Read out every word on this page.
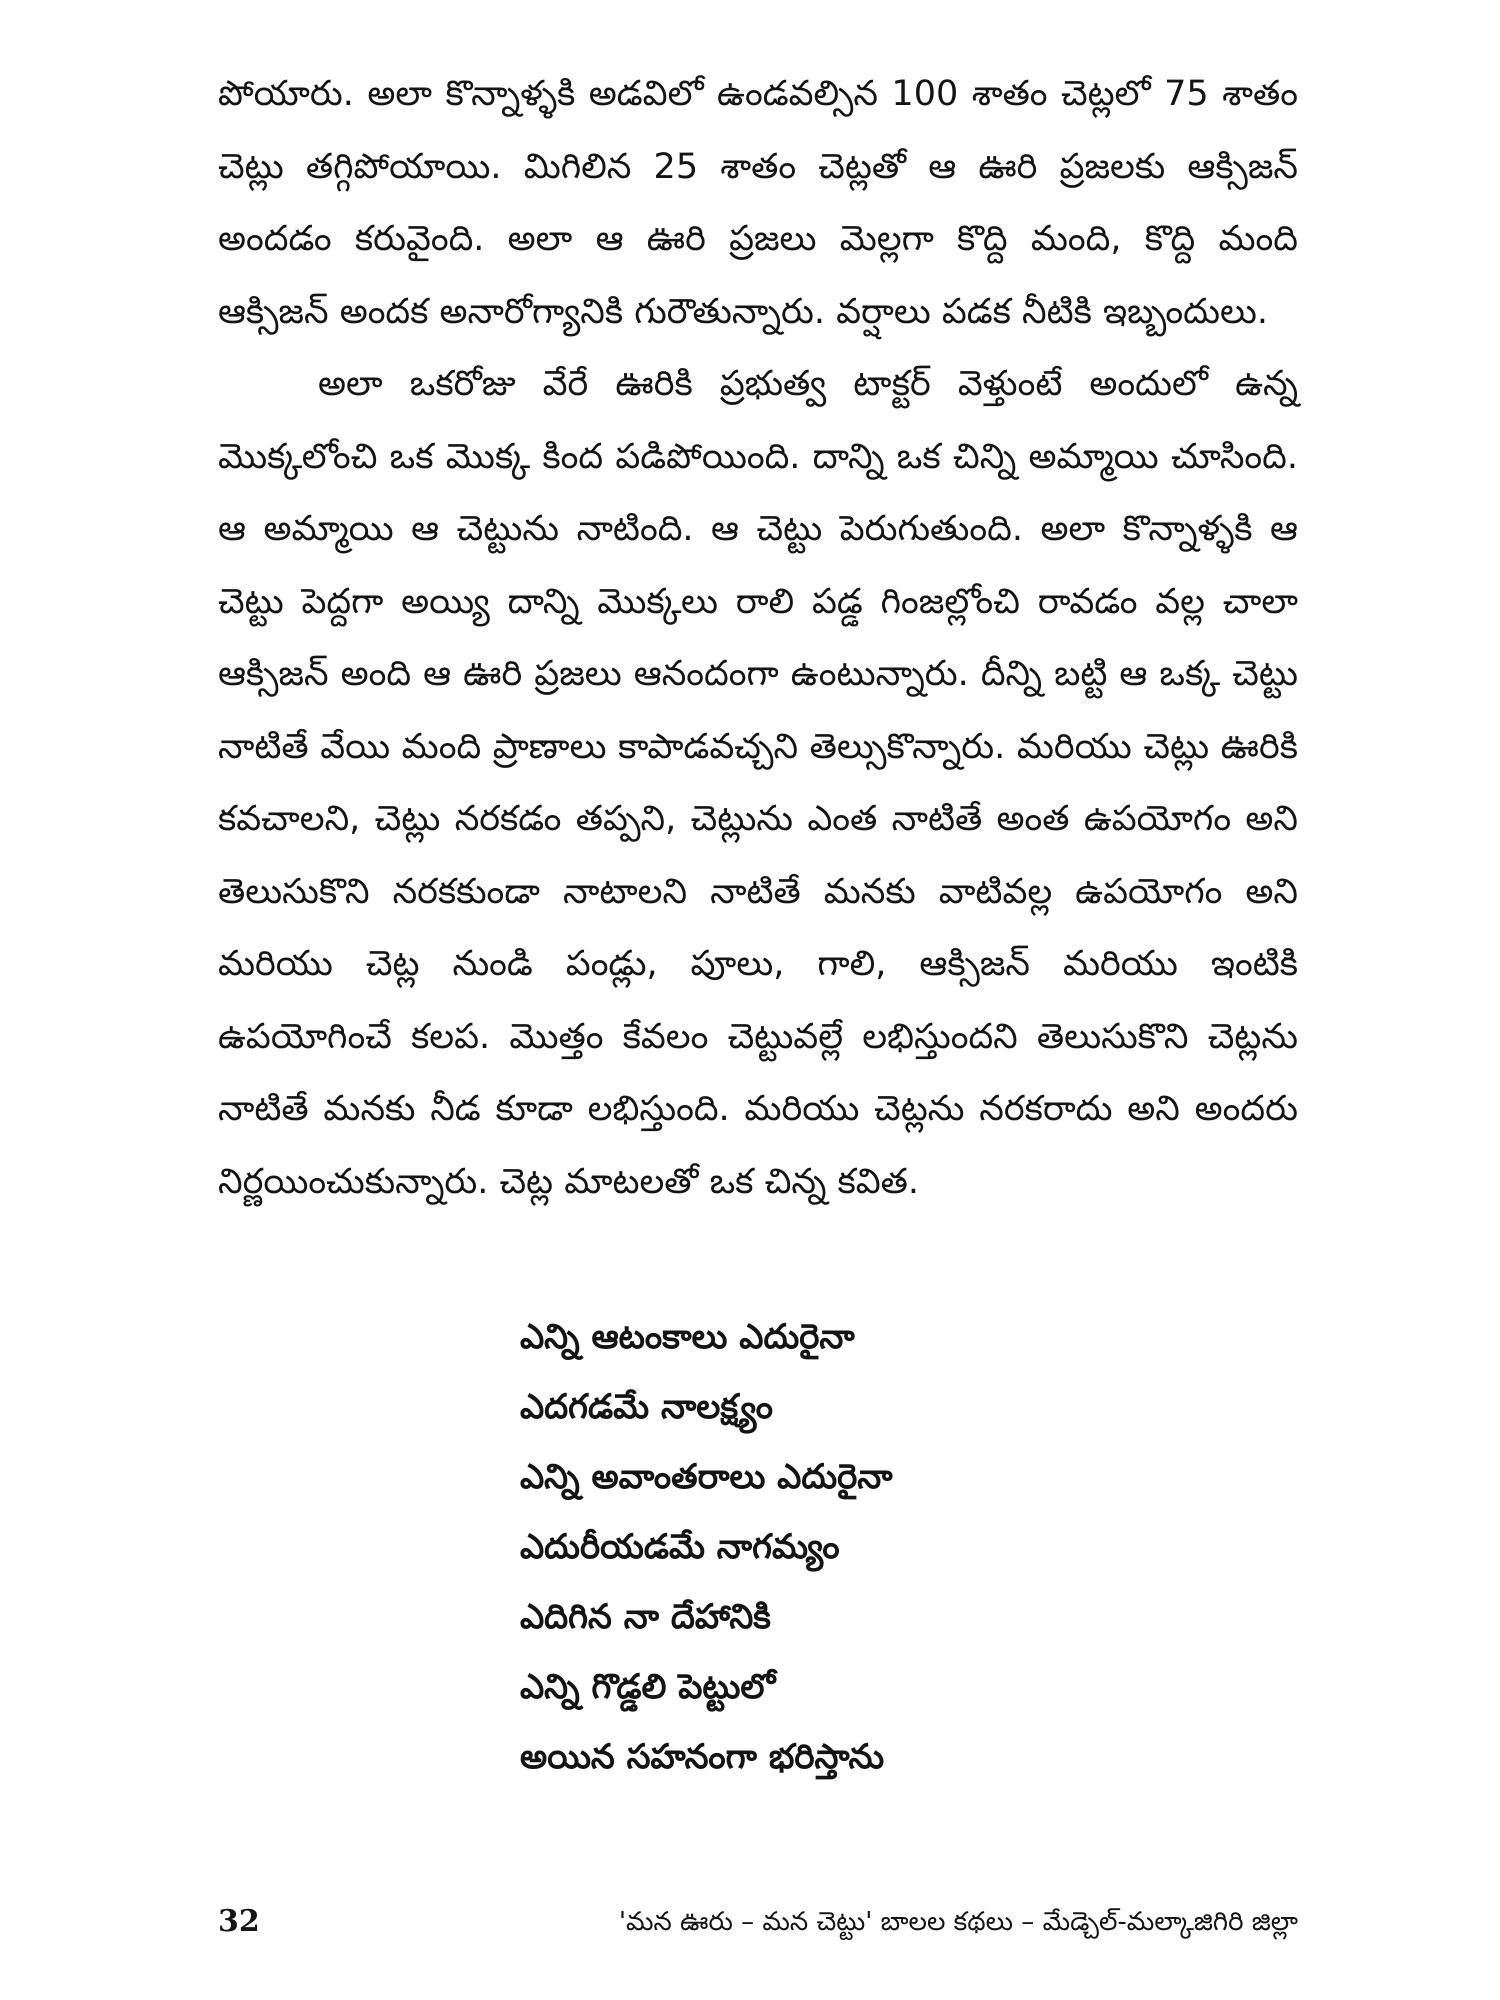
పోయారు. అలా కొన్నాళ్ళకి అడవిలో ఉండవల్సిన 100 శాతం చెట్లలో 75 శాతం చెట్లు తగ్గిపోయాయి. మిగిలిన 25 శాతం చెట్లతో ఆ ఊరి ప్రజలకు ఆక్సిజన్ అందడం కరువైంది. అలా ఆ ఊరి ప్రజలు మెల్లగా కొద్ది మంది, కొద్ది మంది ఆక్సిజన్ అందక అనారోగ్యానికి గురౌతున్నారు. వర్షాలు పడక నీటికి ఇబ్బందులు.

అలా ఒకరోజు వేరే ఊరికి ప్రభుత్వ టాక్టర్ వెళ్తుంటే అందులో ఉన్న మొక్కలోంచి ఒక మొక్క కింద పడిపోయింది. దాన్ని ఒక చిన్ని అమ్మాయి చూసింది. ఆ అమ్మాయి ఆ చెట్టును నాటింది. ఆ చెట్టు పెరుగుతుంది. అలా కొన్నాళ్ళకి ఆ చెట్టు పెద్దగా అయ్యి దాన్ని మొక్కలు రాలి పడ్డ గింజల్లోంచి రావడం వల్ల చాలా ఆక్సిజన్ అంది ఆ ఊరి ప్రజలు ఆనందంగా ఉంటున్నారు. దీన్ని బట్టి ఆ ఒక్క చెట్టు నాటితే వేయి మంది ప్రాణాలు కాపాడవచ్చని తెల్సుకొన్నారు. మరియు చెట్లు ఊరికి కవచాలని, చెట్లు నరకడం తప్పని, చెట్లును ఎంత నాటితే అంత ఉపయోగం అని తెలుసుకొని నరకకుండా నాటాలని నాటితే మనకు వాటివల్ల ఉపయోగం అని మరియు చెట్ల నుండి పండ్లు, పూలు, గాలి, ఆక్సిజన్ మరియు ఇంటికి ఉపయోగించే కలప. మొత్తం కేవలం చెట్టువల్లే లభిస్తుందని తెలుసుకొని చెట్లను నాటితే మనకు నీడ కూడా లభిస్తుంది. మరియు చెట్లను నరకరాదు అని అందరు నిర్ణయించుకున్నారు. చెట్ల మాటలతో ఒక చిన్న కవిత.

ఎన్ని ఆటంకాలు ఎదురైనా
ఎదగడమే నాలక్ష్యం
ఎన్ని అవాంతరాలు ఎదురైనా
ఎదురీయడమే నాగమ్యం
ఎదిగిన నా దేహానికి
ఎన్ని గొడ్డలి పెట్టులో
అయిన సహనంగా భరిస్తాను
32	'మన ఊరు – మన చెట్టు' బాలల కథలు – మేడ్చెల్-మల్కాజిగిరి జిల్లా
